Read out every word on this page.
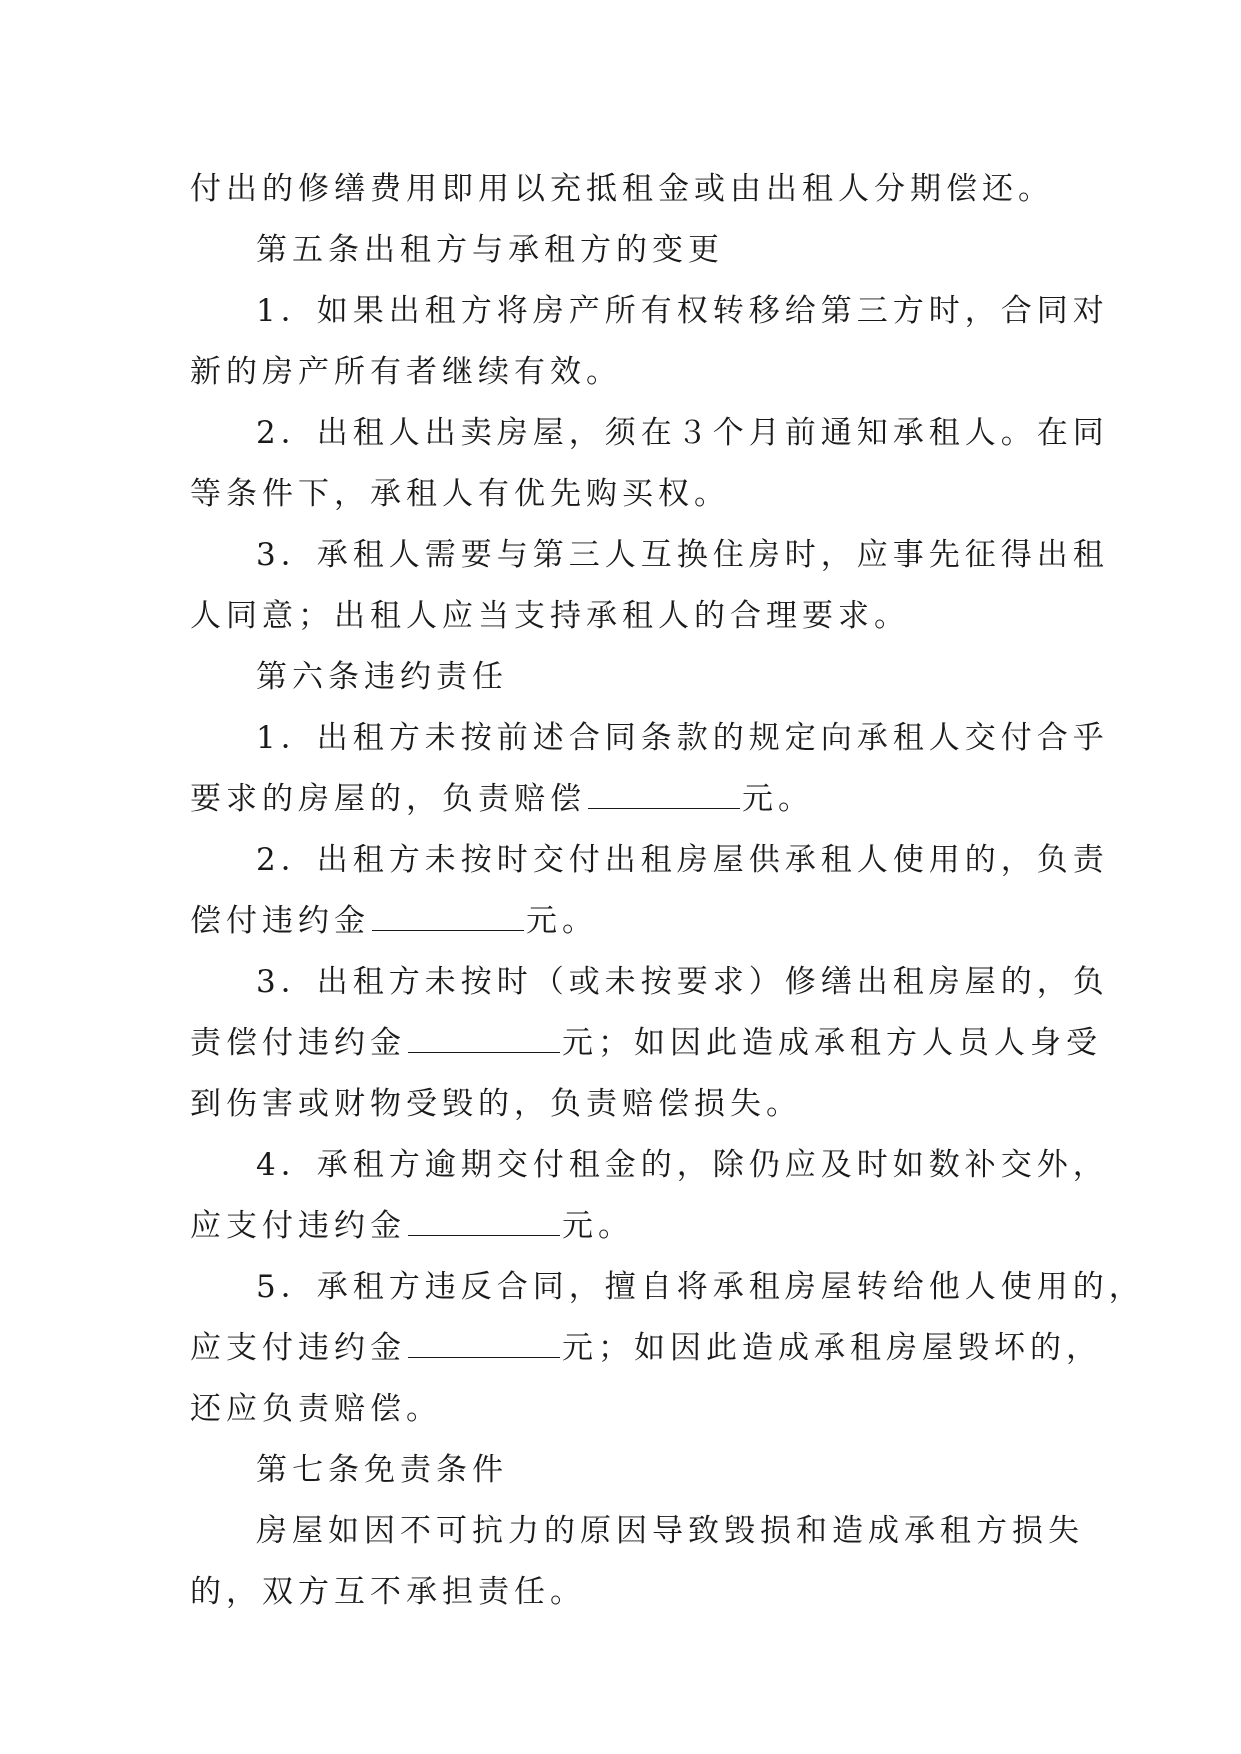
付出的修缮费用即用以充抵租金或由出租人分期偿还。
第五条出租方与承租方的变更
1．如果出租方将房产所有权转移给第三方时，合同对
新的房产所有者继续有效。
2．出租人出卖房屋，须在３个月前通知承租人。在同
等条件下，承租人有优先购买权。
3．承租人需要与第三人互换住房时，应事先征得出租
人同意；出租人应当支持承租人的合理要求。
第六条违约责任
1．出租方未按前述合同条款的规定向承租人交付合乎
要求的房屋的，负责赔偿	元。
2．出租方未按时交付出租房屋供承租人使用的，负责
偿付违约金	元。
3．出租方未按时（或未按要求）修缮出租房屋的，负
责偿付违约金	元；如因此造成承租方人员人身受
到伤害或财物受毁的，负责赔偿损失。
4．承租方逾期交付租金的，除仍应及时如数补交外，
应支付违约金	元。
5．承租方违反合同，擅自将承租房屋转给他人使用的，
应支付违约金	元；如因此造成承租房屋毁坏的，
还应负责赔偿。
第七条免责条件
房屋如因不可抗力的原因导致毁损和造成承租方损失
的，双方互不承担责任。
